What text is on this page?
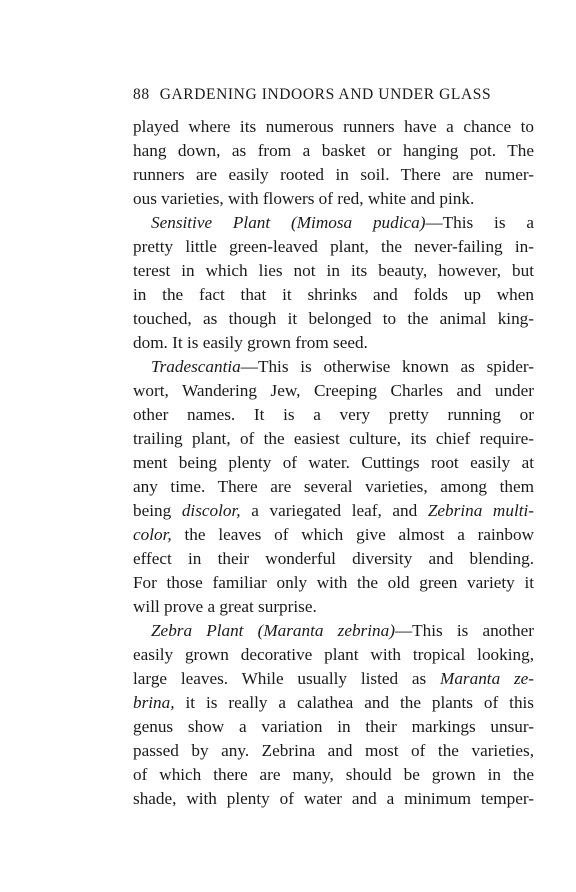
88 GARDENING INDOORS AND UNDER GLASS
played where its numerous runners have a chance to
hang down, as from a basket or hanging pot. The
runners are easily rooted in soil. There are numer-
ous varieties, with flowers of red, white and pink.
Sensitive Plant (Mimosa pudica)—This is a
pretty little green-leaved plant, the never-failing in-
terest in which lies not in its beauty, however, but
in the fact that it shrinks and folds up when
touched, as though it belonged to the animal king-
dom. It is easily grown from seed.
Tradescantia—This is otherwise known as spider-
wort, Wandering Jew, Creeping Charles and under
other names. It is a very pretty running or
trailing plant, of the easiest culture, its chief require-
ment being plenty of water. Cuttings root easily at
any time. There are several varieties, among them
being discolor, a variegated leaf, and Zebrina multi-
color, the leaves of which give almost a rainbow
effect in their wonderful diversity and blending.
For those familiar only with the old green variety it
will prove a great surprise.
Zebra Plant (Maranta zebrina)—This is another
easily grown decorative plant with tropical looking,
large leaves. While usually listed as Maranta ze-
brina, it is really a calathea and the plants of this
genus show a variation in their markings unsur-
passed by any. Zebrina and most of the varieties,
of which there are many, should be grown in the
shade, with plenty of water and a minimum temper-
